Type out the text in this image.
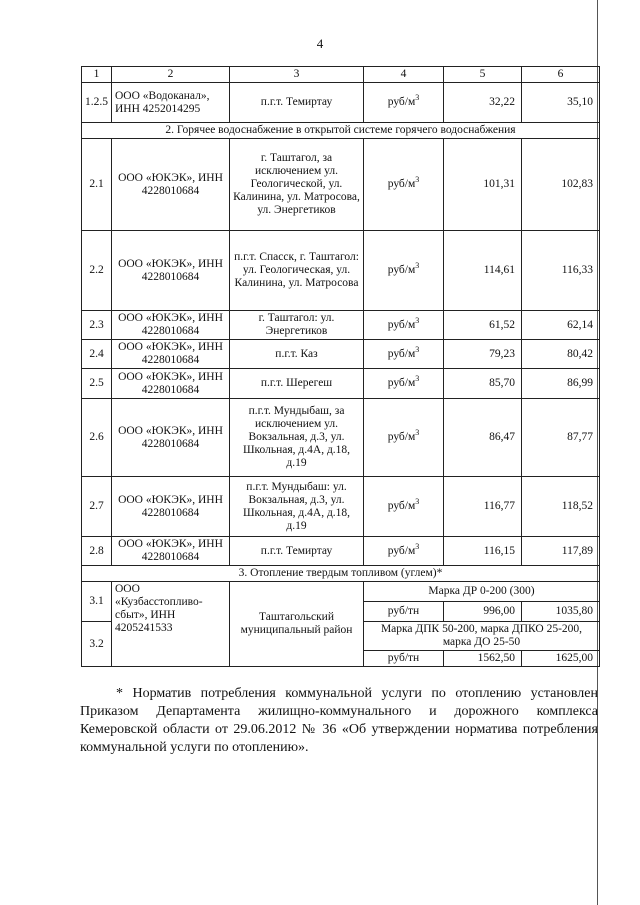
4
1	2	3	4	5	6
1.2.5	ООО «Водоканал», ИНН 4252014295	п.г.т. Темиртау	руб/$м^3$	32,22	35,10
2. Горячее водоснабжение в открытой системе горячего водоснабжения					
2.1	ООО «ЮКЭК», ИНН 4228010684	г. Таштагол, за исключением ул. Геологической, ул. Калинина, ул. Матросова, ул. Энергетиков	руб/$м^3$	101,31	102,83
2.2	ООО «ЮКЭК», ИНН 4228010684	п.г.т. Спасск, г. Таштагол: ул. Геологическая, ул. Калинина, ул. Матросова	руб/$м^3$	114,61	116,33
2.3	ООО «ЮКЭК», ИНН 4228010684	г. Таштагол: ул. Энергетиков	руб/$м^3$	61,52	62,14
2.4	ООО «ЮКЭК», ИНН 4228010684	п.г.т. Каз	руб/$м^3$	79,23	80,42
2.5	ООО «ЮКЭК», ИНН 4228010684	п.г.т. Шерегеш	руб/$м^3$	85,70	86,99
2.6	ООО «ЮКЭК», ИНН 4228010684	п.г.т. Мундыбаш, за исключением ул. Вокзальная, д.3, ул. Школьная, д.4А, д.18, д.19	руб/$м^3$	86,47	87,77
2.7	ООО «ЮКЭК», ИНН 4228010684	п.г.т. Мундыбаш: ул. Вокзальная, д.3, ул. Школьная, д.4А, д.18, д.19	руб/$м^3$	116,77	118,52
2.8	ООО «ЮКЭК», ИНН 4228010684	п.г.т. Темиртау	руб/$м^3$	116,15	117,89
3. Отопление твердым топливом (углем)*					
3.1	ООО «Кузбасстопливо-сбыт», ИНН 4205241533	Таштагольский муниципальный район	Марка ДР 0-200 (300)		
			руб/тн	996,00	1035,80
3.2			Марка ДПК 50-200, марка ДПКО 25-200, марка ДО 25-50		
			руб/тн	1562,50	1625,00
* Норматив потребления коммунальной услуги по отоплению установлен Приказом Департамента жилищно-коммунального и дорожного комплекса Кемеровской области от 29.06.2012 № 36 «Об утверждении норматива потребления коммунальной услуги по отоплению».
